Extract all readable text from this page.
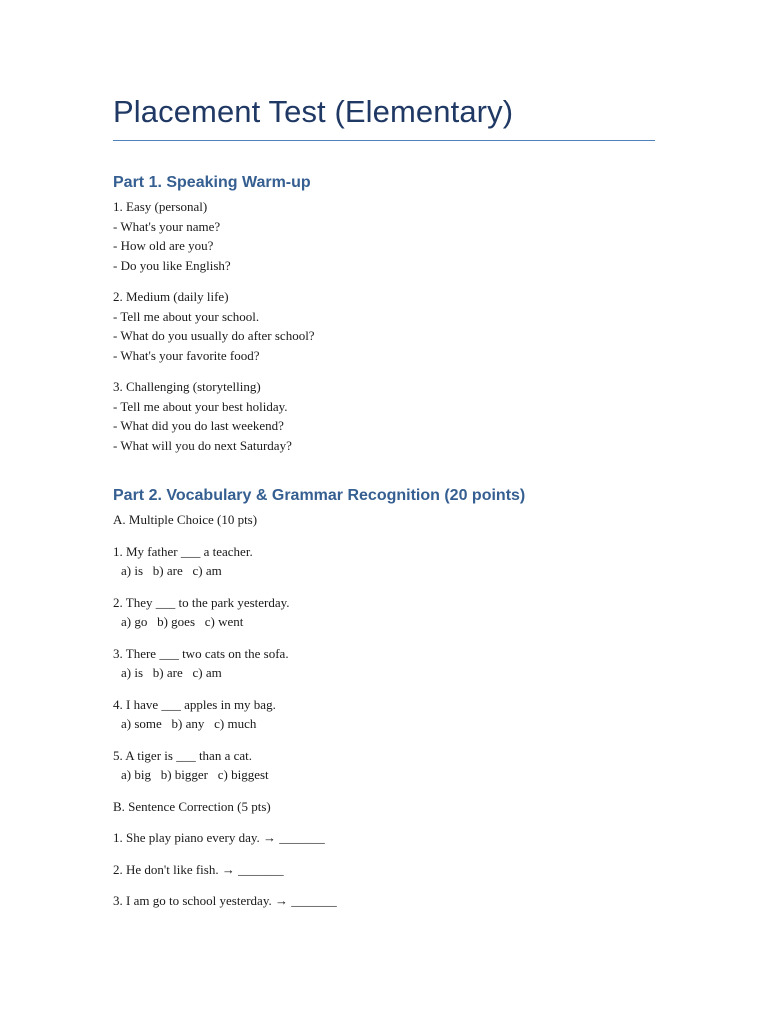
Placement Test (Elementary)
Part 1. Speaking Warm-up

1. Easy (personal)

- What's your name?

- How old are you?

- Do you like English?

2. Medium (daily life)

- Tell me about your school.

- What do you usually do after school?

- What's your favorite food?

3. Challenging (storytelling)

- Tell me about your best holiday.

- What did you do last weekend?

- What will you do next Saturday?

Part 2. Vocabulary & Grammar Recognition (20 points)

A. Multiple Choice (10 pts)

1. My father ___ a teacher.

a) is   b) are   c) am

2. They ___ to the park yesterday.

a) go   b) goes   c) went

3. There ___ two cats on the sofa.

a) is   b) are   c) am

4. I have ___ apples in my bag.

a) some   b) any   c) much

5. A tiger is ___ than a cat.

a) big   b) bigger   c) biggest

B. Sentence Correction (5 pts)

1. She play piano every day. → _______

2. He don't like fish. → _______

3. I am go to school yesterday. → _______
